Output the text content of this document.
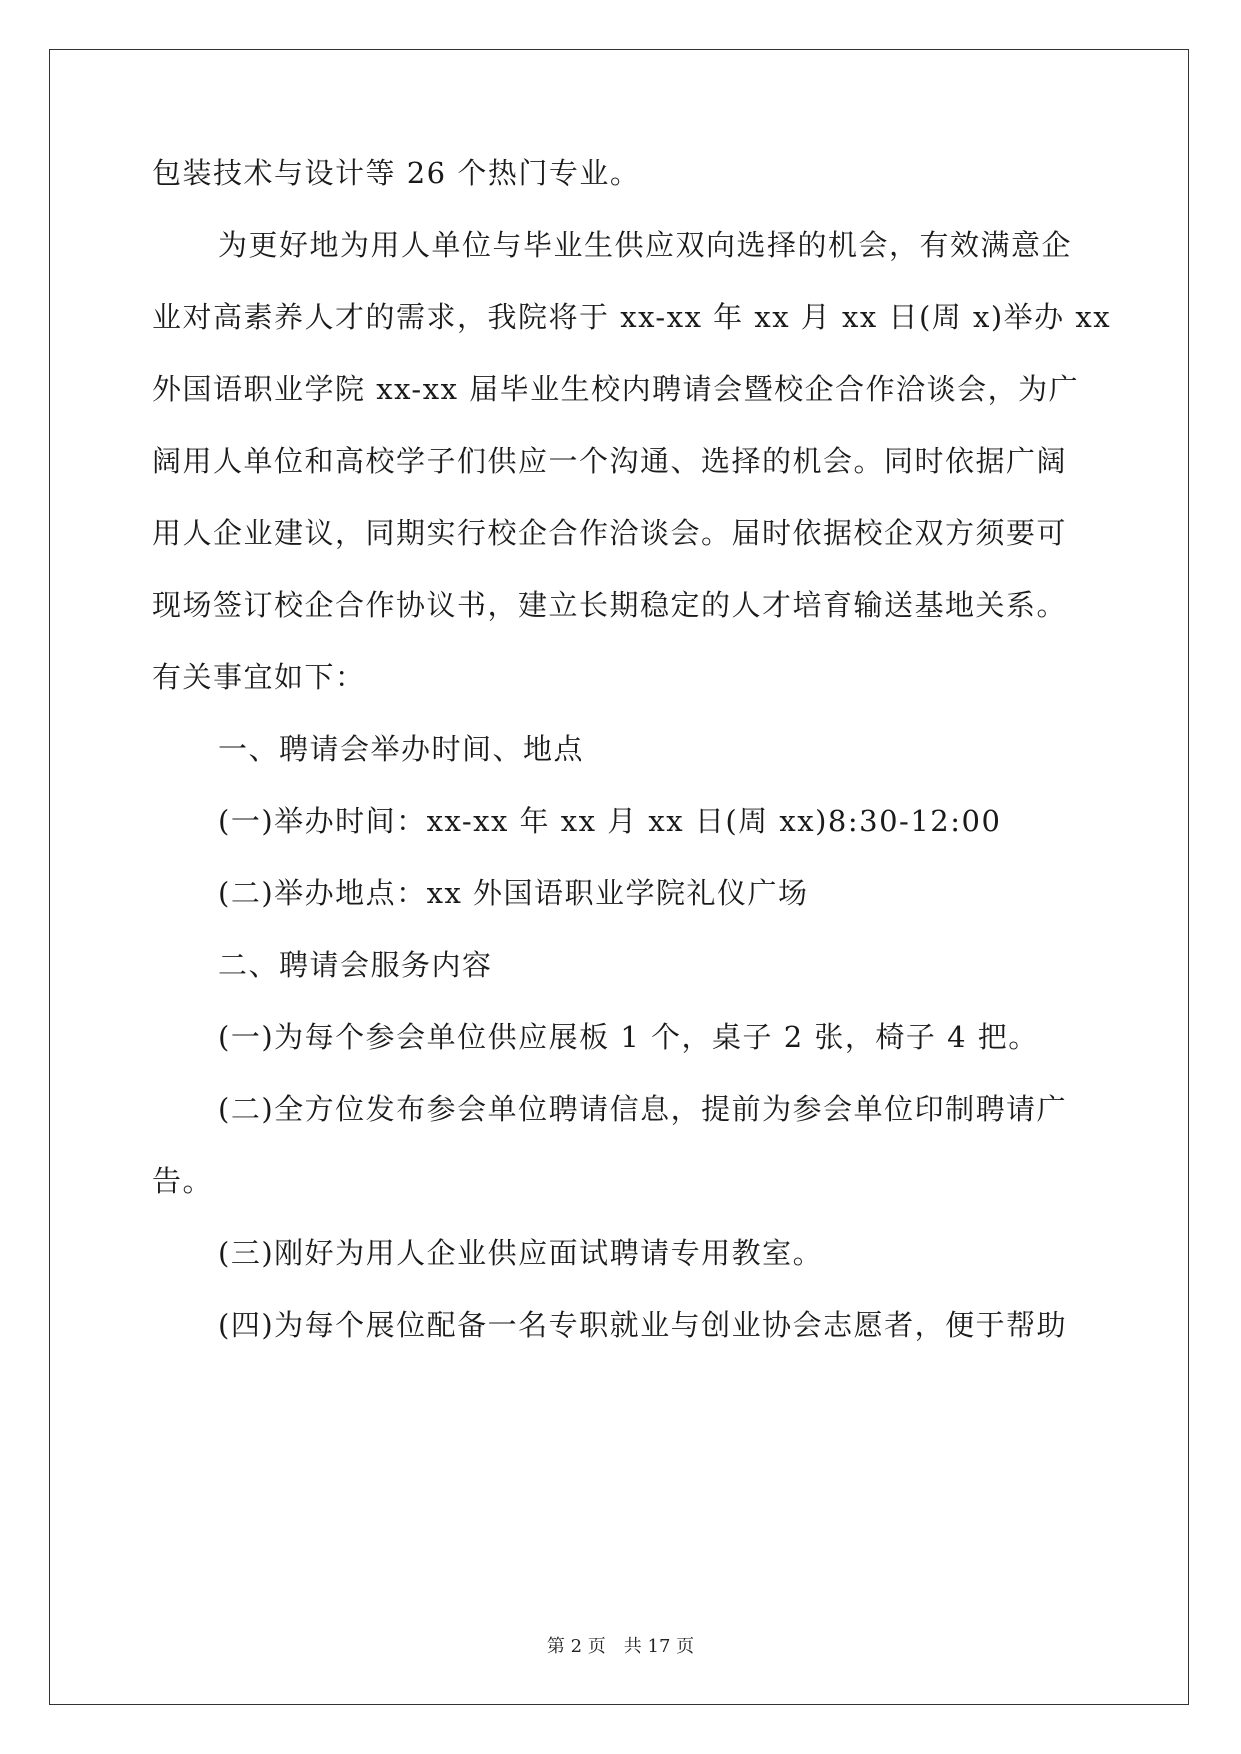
包装技术与设计等 26 个热门专业。
为更好地为用人单位与毕业生供应双向选择的机会，有效满意企
业对高素养人才的需求，我院将于 xx-xx 年 xx 月 xx 日(周 x)举办 xx
外国语职业学院 xx-xx 届毕业生校内聘请会暨校企合作洽谈会，为广
阔用人单位和高校学子们供应一个沟通、选择的机会。同时依据广阔
用人企业建议，同期实行校企合作洽谈会。届时依据校企双方须要可
现场签订校企合作协议书，建立长期稳定的人才培育输送基地关系。
有关事宜如下：
一、聘请会举办时间、地点
(一)举办时间：xx-xx 年 xx 月 xx 日(周 xx)8:30-12:00
(二)举办地点：xx 外国语职业学院礼仪广场
二、聘请会服务内容
(一)为每个参会单位供应展板 1 个，桌子 2 张，椅子 4 把。
(二)全方位发布参会单位聘请信息，提前为参会单位印制聘请广
告。
(三)刚好为用人企业供应面试聘请专用教室。
(四)为每个展位配备一名专职就业与创业协会志愿者，便于帮助
第 2 页　共 17 页
